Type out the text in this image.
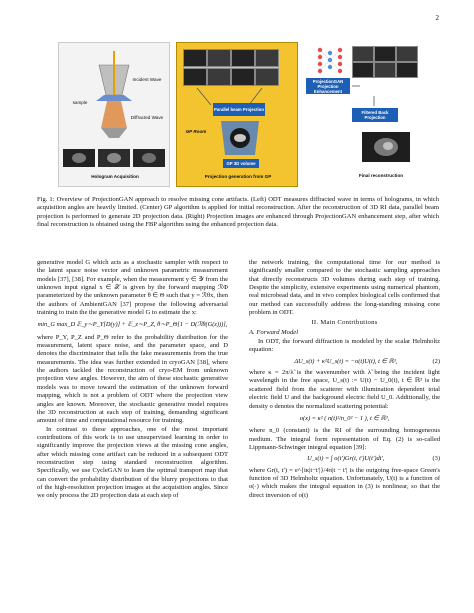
2
Incident Wave
sample
Diffracted Wave
Hologram Acquisition
Parallel beam Projection
GP Room
GP 3D volume
Projection generation from GP
ProjectionGAN Projection Enhancement
Filtered Back Projection
Final reconstruction
Fig. 1: Overview of ProjectionGAN approach to resolve missing cone artifacts. (Left) ODT measures diffracted wave in terms of holograms, in which acquisition angles are heavily limited. (Center) GP algorithm is applied for initial reconstruction. After the reconstruction of 3D RI data, parallel beam projection is performed to generate 2D projection data. (Right) Projection images are enhanced through ProjectionGAN enhancement step, after which final reconstruction is obtained using the FBP algorithm using the enhanced projection data.

generative model G which acts as a stochastic sampler with respect to the latent space noise vector and unknown parametric measurement models [37], [38]. For example, when the measurement y ∈ 𝒴 from the unknown input signal x ∈ 𝒳 is given by the forward mapping ℛΦ parameterized by the unknown parameter θ ∈ Θ such that y = ℛθx, then the authors of AmbientGAN [37] propose the following adversarial training to train the the generative model G to estimate the x:

min_G max_D 𝔼_y∼P_Y[D(y)] + 𝔼_z∼P_Z, θ∼P_Θ[1 − D(ℛθ(G(z)))],

where P_Y, P_Z and P_Θ refer to the probability distribution for the measurement, latent space noise, and the parameter space, and D denotes the discriminator that tells the fake measurements from the true measurements. The idea was further extended in cryoGAN [38], where the authors tackled the reconstruction of cryo-EM from unknown projection view angles. However, the aim of these stochastic generative models was to move toward the estimation of the unknown forward mapping, which is not a problem of ODT where the projection view angles are known. Moreover, the stochastic generative model requires the 3D reconstruction at each step of training, demanding significant amount of time and computational resource for training.

In contrast to these approaches, one of the most important contributions of this work is to use unsupervised learning in order to significantly improve the projection views at the missing cone angles, after which missing cone artifact can be reduced in a subsequent ODT reconstruction step using standard reconstruction algorithm. Specifically, we use CycleGAN to learn the optimal transport map that can convert the probability distribution of the blurry projections to that of the high-resolution projection images at the acquisition angles. Since we only process the 2D projection data at each step of

the network training, the computational time for our method is significantly smaller compared to the stochastic sampling approaches that directly reconstructs 3D volumes during each step of training. Despite the simplicity, extensive experiments using numerical phantom, real microbead data, and in vivo complex biological cells confirmed that our method can successfully address the long-standing missing cone problem in ODT.

II. Main Contributions
A. Forward Model

In ODT, the forward diffraction is modeled by the scalar Helmholtz equation:

ΔU_s(t) + κ²U_s(t) = −o(t)U(t), t ∈ ℝ³,	(2)

where κ = 2π/λ̃ is the wavenumber with λ̃ being the incident light wavelength in the free space, U_s(t) := U(t) − U_0(t), t ∈ ℝ³ is the scattered field from the scatterer with illumination dependent total electric field U and the background electric field U_0. Additionally, the density o denotes the normalized scattering potential:

o(x) = κ² ( n(t)²/n_0² − 1 ), t ∈ ℝ³,

where n_0 (constant) is the RI of the surrounding homogeneous medium. The integral form representation of Eq. (2) is so-called Lippmann-Schwinger integral equation [39]:

U_s(t) = ∫ o(t′)Gr(t, t′)U(t′)dt′,	(3)

where Gr(t, t′) = e^{iκ|t−t′|}/4π|t − t′| is the outgoing free-space Green's function of 3D Helmholtz equation. Unfortunately, U(t) is a function of o(·) which makes the integral equation in (3) is nonlinear, so that the direct inversion of o(t)
